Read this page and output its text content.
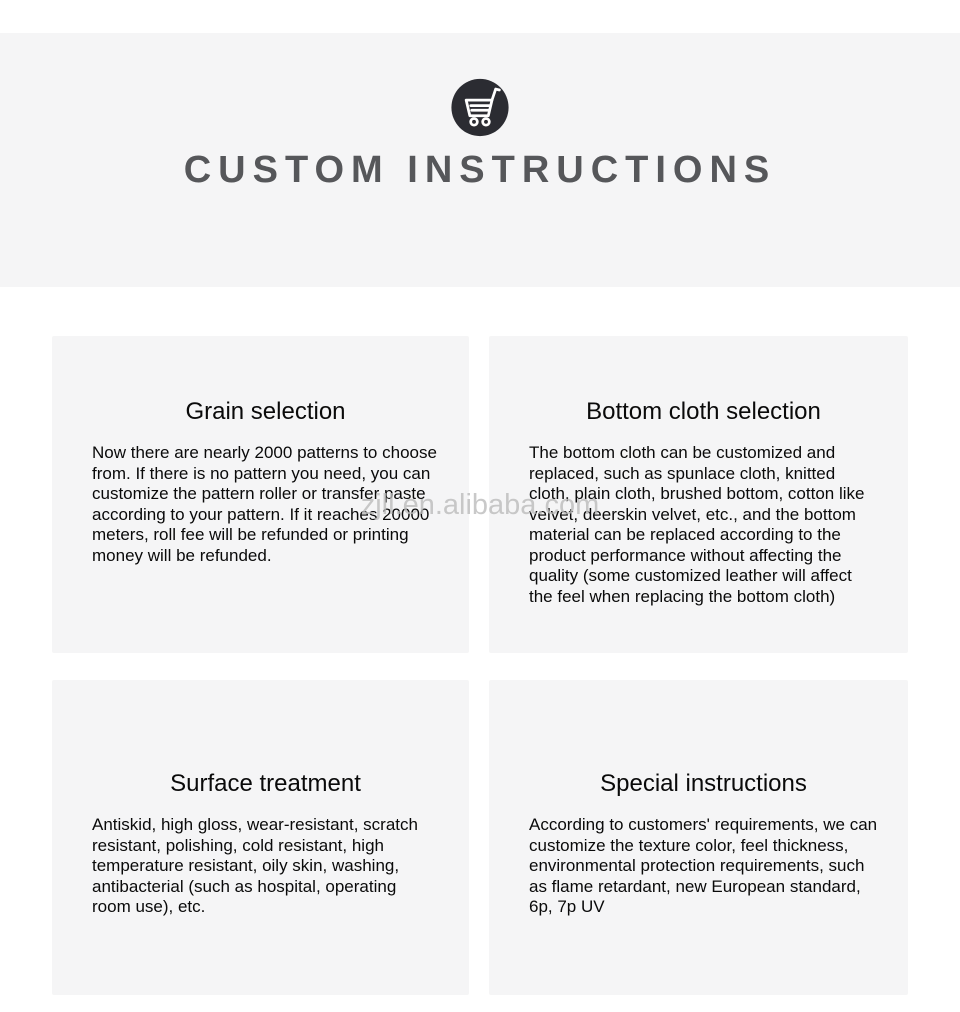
CUSTOM INSTRUCTIONS
zjll.en.alibaba.com
Grain selection
Now there are nearly 2000 patterns to choose from. If there is no pattern you need, you can customize the pattern roller or transfer paste according to your pattern. If it reaches 20000 meters, roll fee will be refunded or printing money will be refunded.
Bottom cloth selection
The bottom cloth can be customized and replaced, such as spunlace cloth, knitted cloth, plain cloth, brushed bottom, cotton like velvet, deerskin velvet, etc., and the bottom material can be replaced according to the product performance without affecting the quality (some customized leather will affect the feel when replacing the bottom cloth)
Surface treatment
Antiskid, high gloss, wear-resistant, scratch resistant, polishing, cold resistant, high temperature resistant, oily skin, washing, antibacterial (such as hospital, operating room use), etc.
Special instructions
According to customers' requirements, we can customize the texture color, feel thickness, environmental protection requirements, such as flame retardant, new European standard, 6p, 7p UV
